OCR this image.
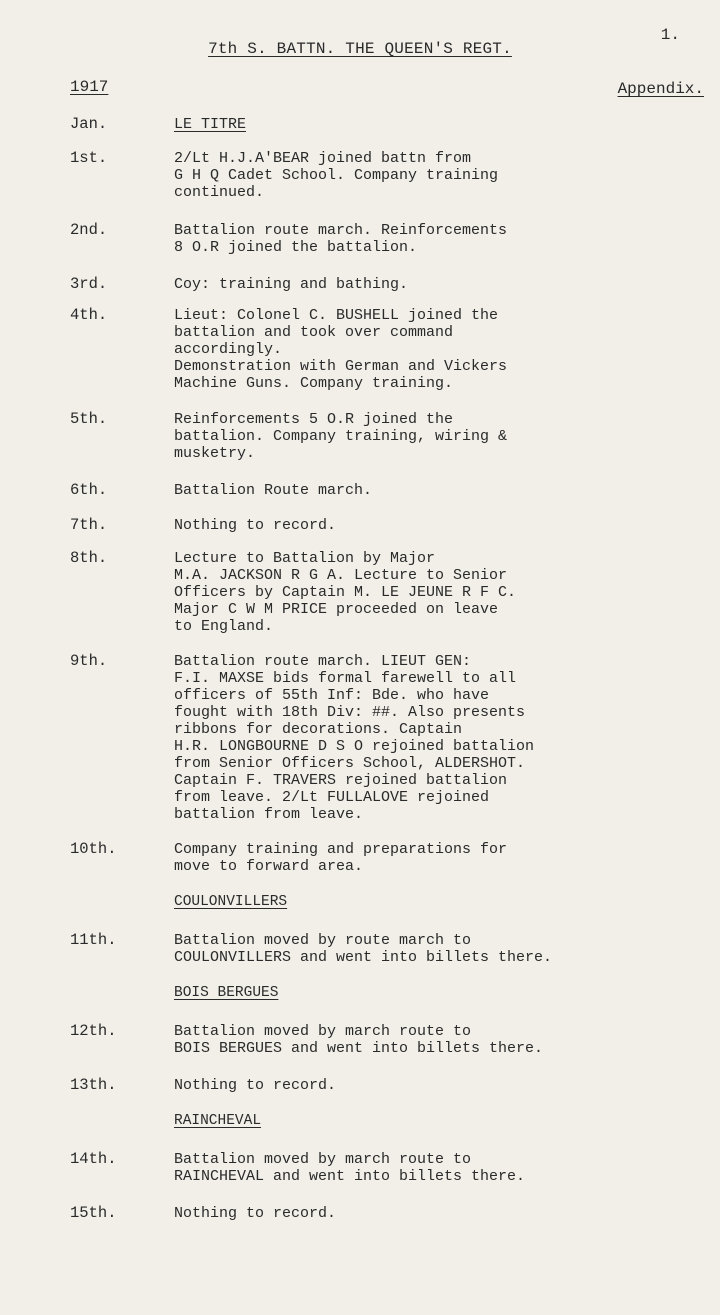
1.
7th S. BATTN. THE QUEEN'S REGT.
1917	Appendix.
Jan.	LE TITRE
1st.	2/Lt H.J.A'BEAR joined battn from
G H Q Cadet School. Company training
continued.
2nd.	Battalion route march. Reinforcements
8 O.R joined the battalion.
3rd.	Coy: training and bathing.
4th.	Lieut: Colonel C. BUSHELL joined the
battalion and took over command
accordingly.
Demonstration with German and Vickers
Machine Guns. Company training.
5th.	Reinforcements 5 O.R joined the
battalion. Company training, wiring &
musketry.
6th.	Battalion Route march.
7th.	Nothing to record.
8th.	Lecture to Battalion by Major
M.A. JACKSON R G A. Lecture to Senior
Officers by Captain M. LE JEUNE R F C.
Major C W M PRICE proceeded on leave
to England.
9th.	Battalion route march. LIEUT GEN:
F.I. MAXSE bids formal farewell to all
officers of 55th Inf: Bde. who have
fought with 18th Div: ##. Also presents
ribbons for decorations. Captain
H.R. LONGBOURNE D S O rejoined battalion
from Senior Officers School, ALDERSHOT.
Captain F. TRAVERS rejoined battalion
from leave. 2/Lt FULLALOVE rejoined
battalion from leave.
10th.	Company training and preparations for
move to forward area.
COULONVILLERS
11th.	Battalion moved by route march to
COULONVILLERS and went into billets there.
BOIS BERGUES
12th.	Battalion moved by march route to
BOIS BERGUES and went into billets there.
13th.	Nothing to record.
RAINCHEVAL
14th.	Battalion moved by march route to
RAINCHEVAL and went into billets there.
15th.	Nothing to record.
